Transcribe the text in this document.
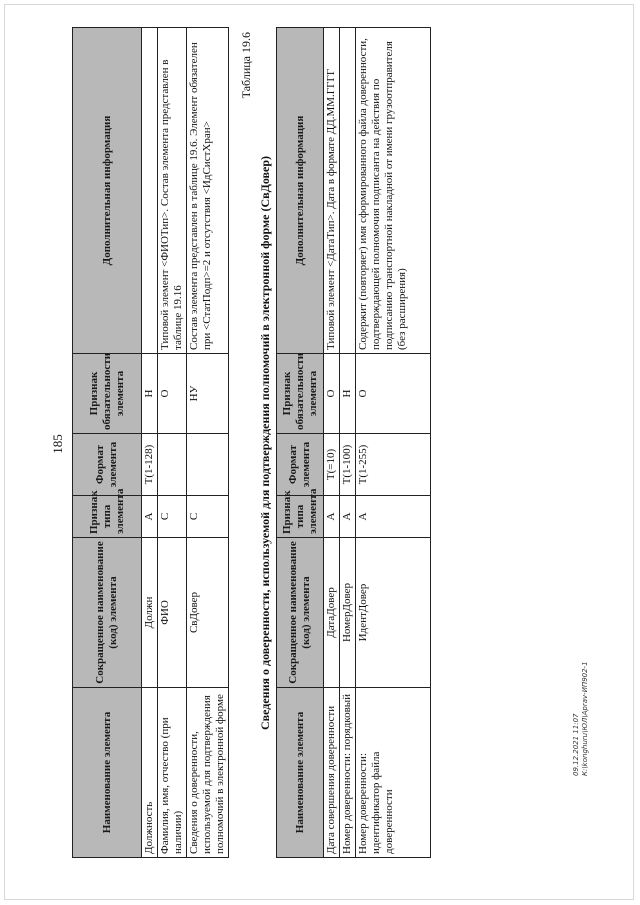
185
Наименование элемента	Сокращенное наименование (код) элемента	Признак типа элемента	Формат элемента	Признак обязательности элемента	Дополнительная информация
Должность	Должн	А	T(1-128)	Н	
Фамилия, имя, отчество (при наличии)	ФИО	С		О	Типовой элемент <ФИОТип>. Состав элемента представлен в таблице 19.16
Сведения о доверенности, используемой для подтверждения полномочий в электронной форме	СвДовер	С		НУ	Состав элемента представлен в таблице 19.6. Элемент обязателен при <СтатПодп>=2 и отсутствия <ИдСистХран>
Таблица 19.6
Сведения о доверенности, используемой для подтверждения полномочий в электронной форме (СвДовер)
Наименование элемента	Сокращенное наименование (код) элемента	Признак типа элемента	Формат элемента	Признак обязательности элемента	Дополнительная информация
Дата совершения доверенности	ДатаДовер	А	T(=10)	О	Типовой элемент <ДатаТип>. Дата в формате ДД.ММ.ГГГГ
Номер доверенности: порядковый	НомерДовер	А	T(1-100)	Н	
Номер доверенности: идентификатор файла доверенности	ИдентДовер	А	T(1-255)	О	Содержит (повторяет) имя сформированного файла доверенности, подтверждающей полномочия подписанта на действия по подписанию транспортной накладной от имени грузоотправителя (без расширения)
09.12.2021 11:07 К:\konghuru\ЮЛ\Aprav-ИП902-1
